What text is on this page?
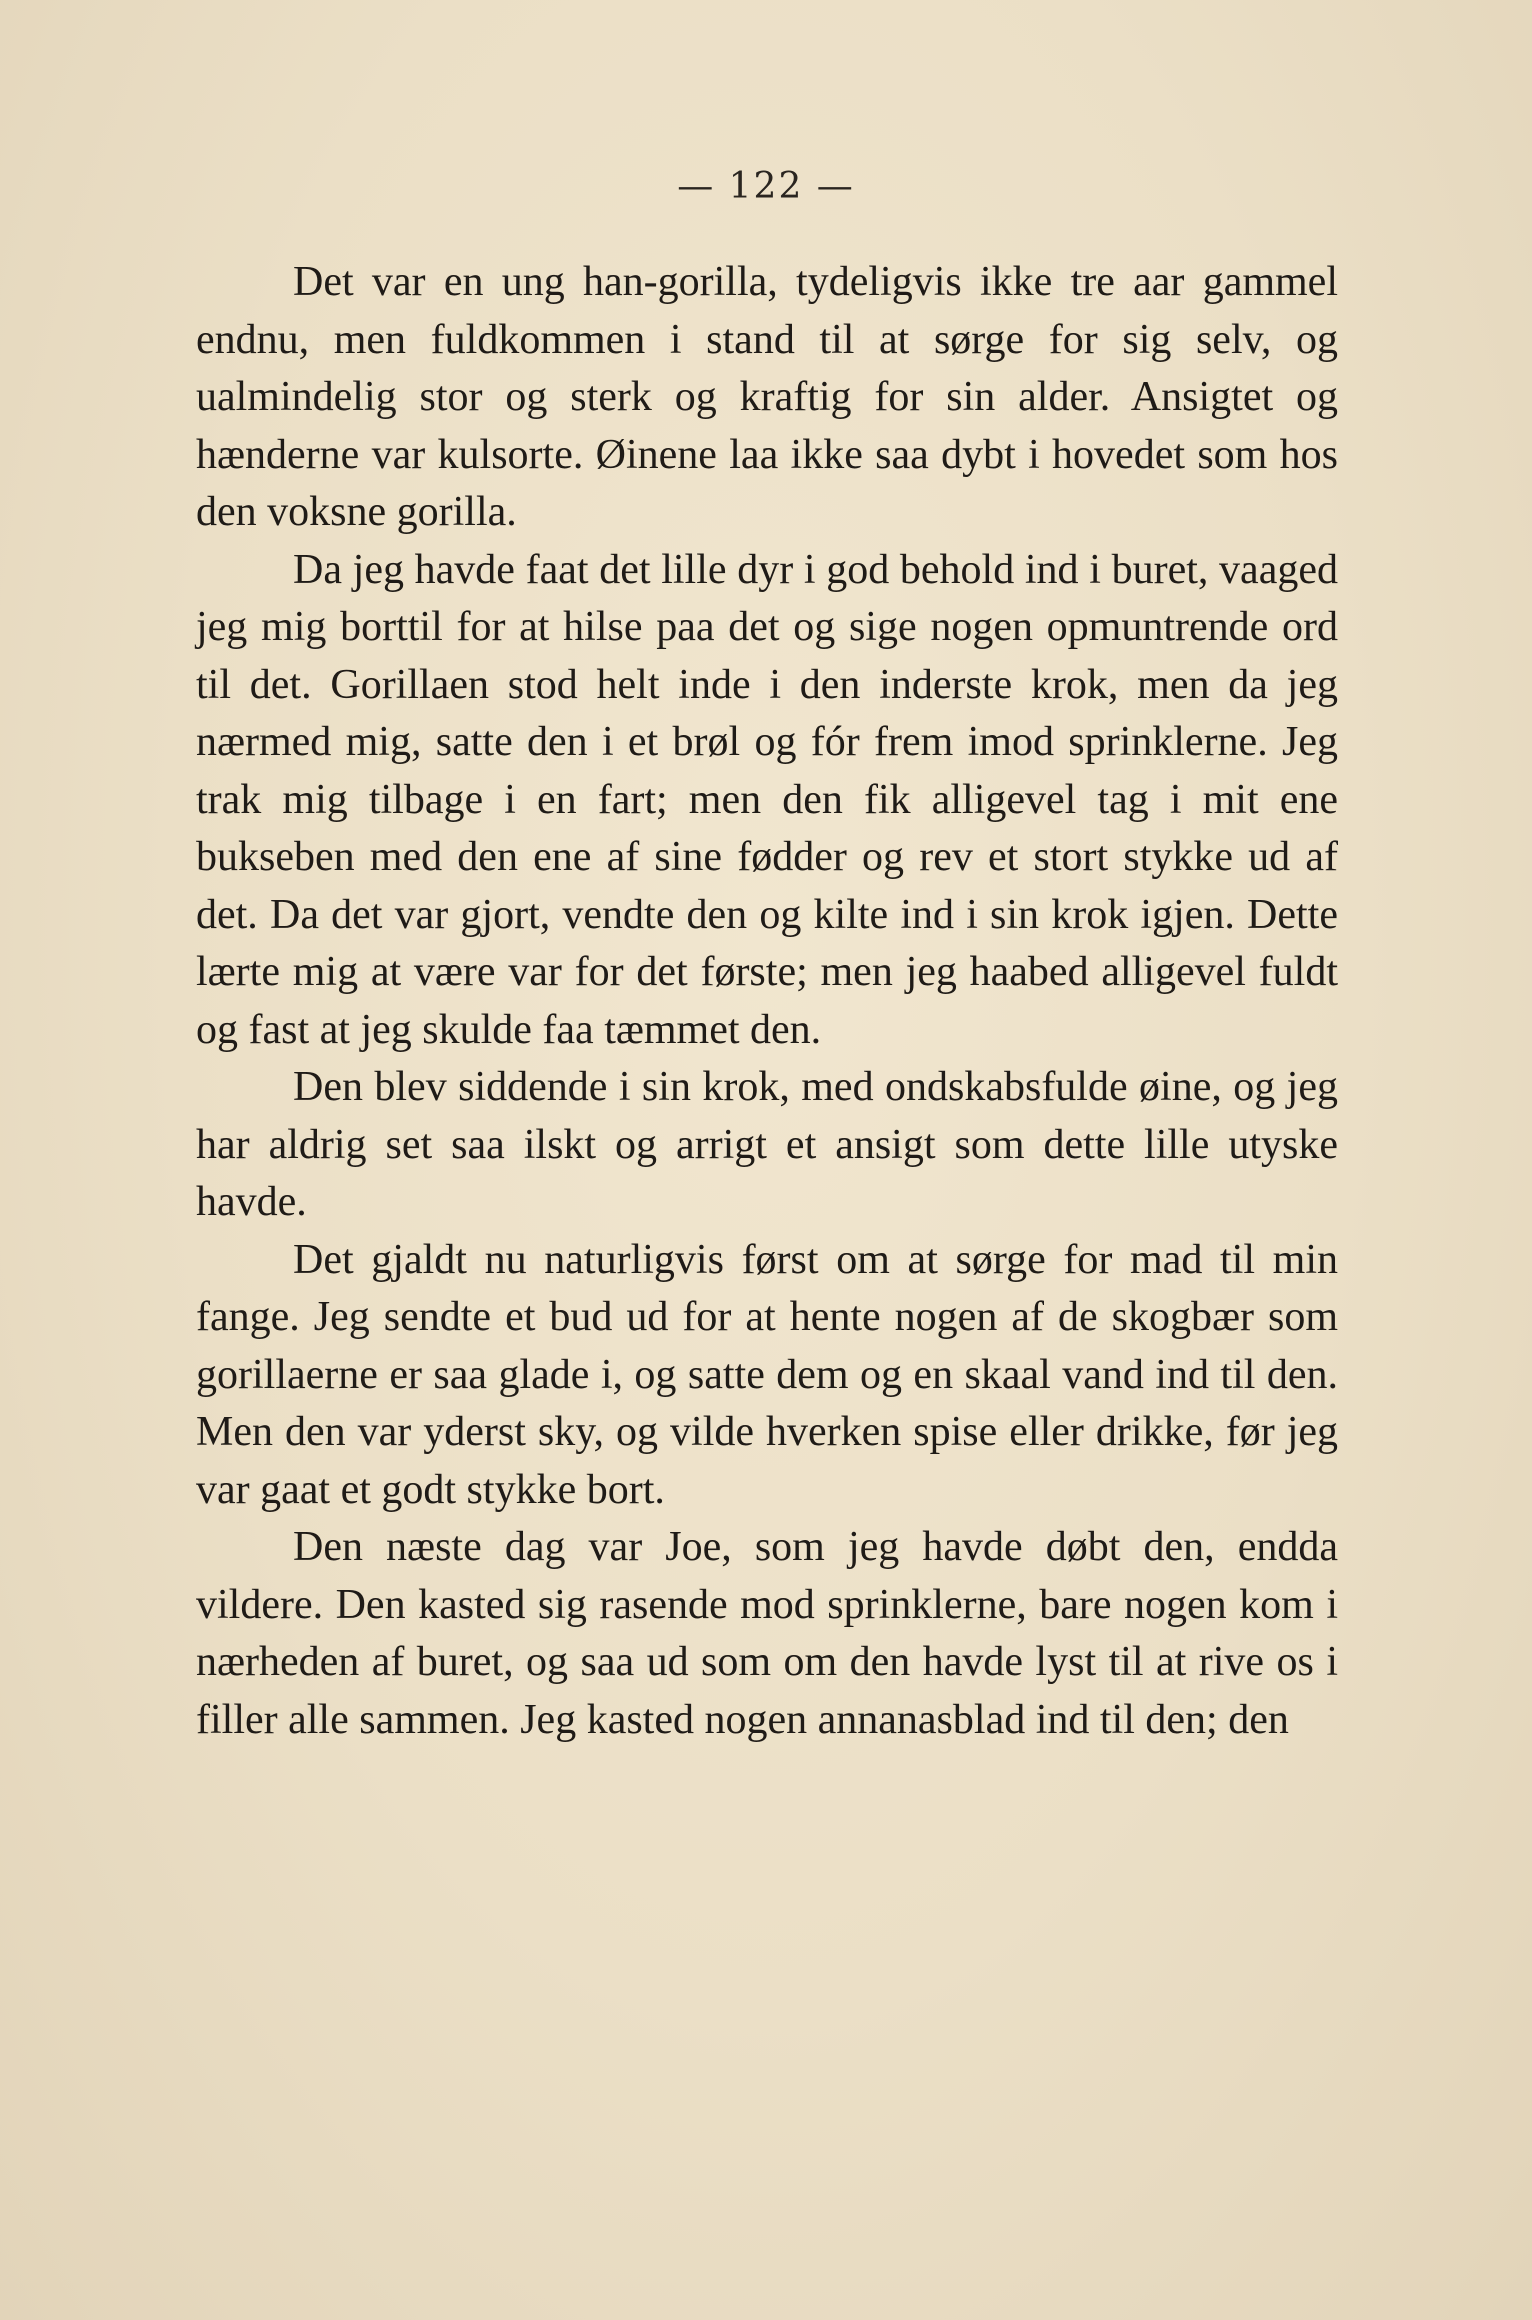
— 122 —

Det var en ung han-gorilla, tydeligvis ikke tre aar gammel endnu, men fuldkommen i stand til at sørge for sig selv, og ualmindelig stor og sterk og kraftig for sin alder. Ansigtet og hænderne var kulsorte. Øinene laa ikke saa dybt i hovedet som hos den voksne gorilla.

Da jeg havde faat det lille dyr i god behold ind i buret, vaaged jeg mig borttil for at hilse paa det og sige nogen opmuntrende ord til det. Gorillaen stod helt inde i den inderste krok, men da jeg nærmed mig, satte den i et brøl og fór frem imod sprinklerne. Jeg trak mig tilbage i en fart; men den fik alligevel tag i mit ene bukseben med den ene af sine fødder og rev et stort stykke ud af det. Da det var gjort, vendte den og kilte ind i sin krok igjen. Dette lærte mig at være var for det første; men jeg haabed alligevel fuldt og fast at jeg skulde faa tæmmet den.

Den blev siddende i sin krok, med ondskabsfulde øine, og jeg har aldrig set saa ilskt og arrigt et ansigt som dette lille utyske havde.

Det gjaldt nu naturligvis først om at sørge for mad til min fange. Jeg sendte et bud ud for at hente nogen af de skogbær som gorillaerne er saa glade i, og satte dem og en skaal vand ind til den. Men den var yderst sky, og vilde hverken spise eller drikke, før jeg var gaat et godt stykke bort.

Den næste dag var Joe, som jeg havde døbt den, endda vildere. Den kasted sig rasende mod sprinklerne, bare nogen kom i nærheden af buret, og saa ud som om den havde lyst til at rive os i filler alle sammen. Jeg kasted nogen annanasblad ind til den; den
